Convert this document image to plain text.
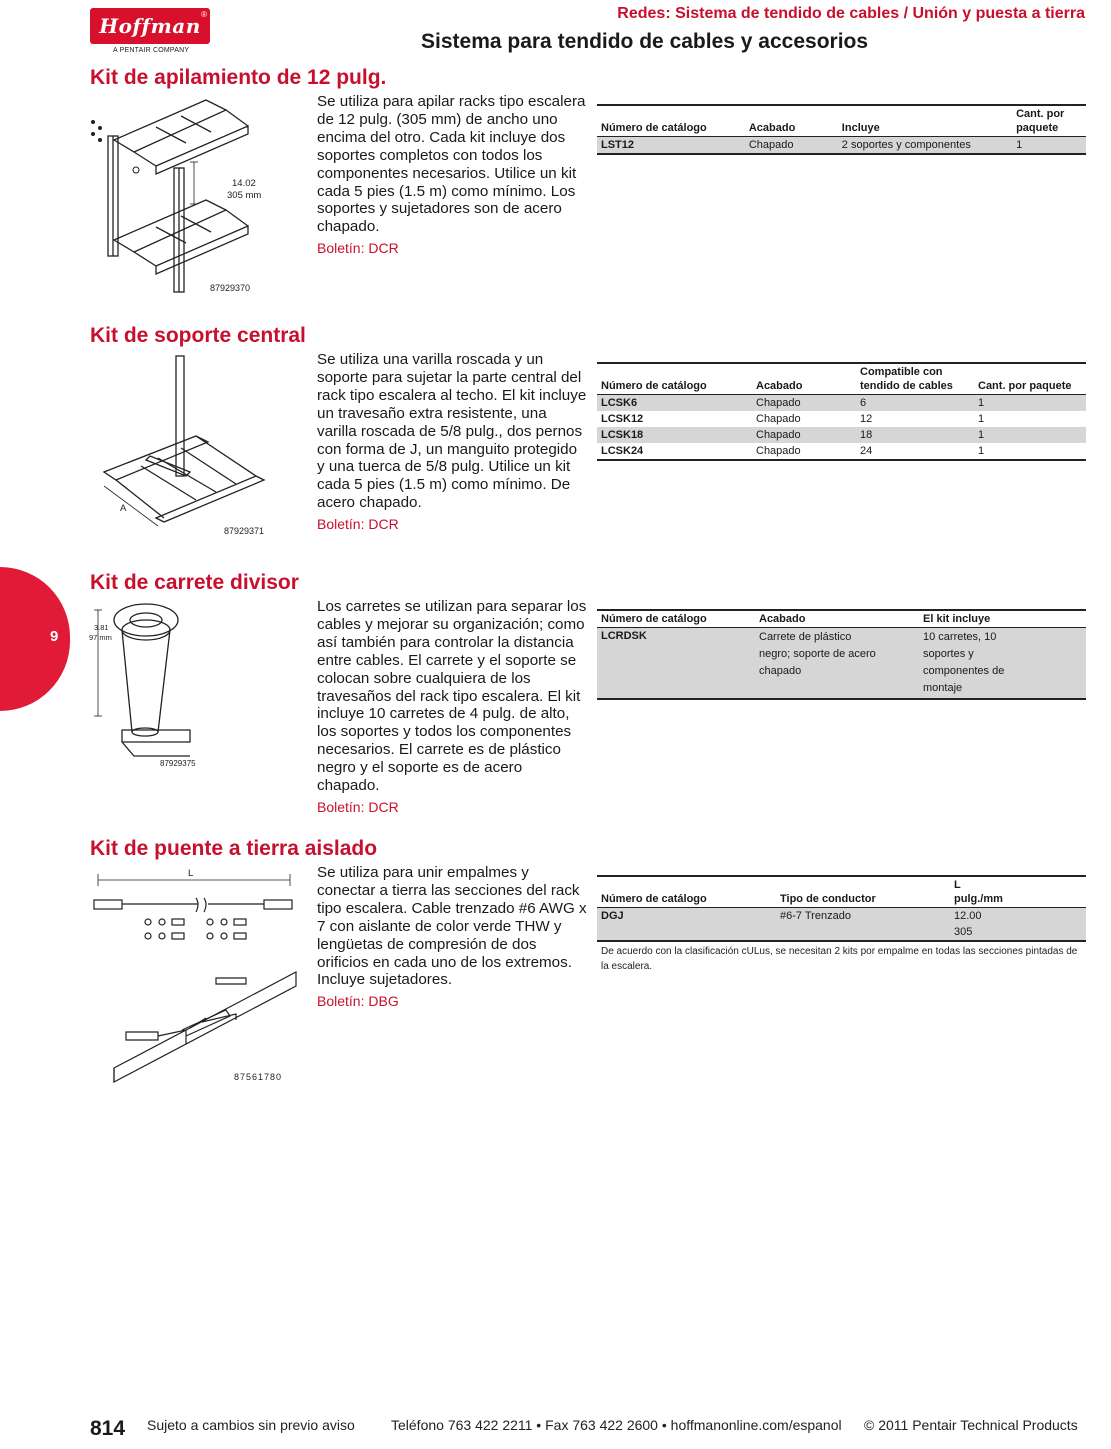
Hoffman ®
A PENTAIR COMPANY
Redes: Sistema de tendido de cables / Unión y puesta a tierra
Sistema para tendido de cables y accesorios
9
Kit de apilamiento de 12 pulg.
14.02
305 mm
87929370
Se utiliza para apilar racks tipo escalera de 12 pulg. (305 mm) de ancho uno encima del otro. Cada kit incluye dos soportes completos con todos los componentes necesarios. Utilice un kit cada 5 pies (1.5 m) como mínimo. Los soportes y sujetadores son de acero chapado.
Boletín: DCR
Número de catálogo	Acabado	Incluye	Cant. por paquete
LST12	Chapado	2 soportes y componentes	1
Kit de soporte central
A
87929371
Se utiliza una varilla roscada y un soporte para sujetar la parte central del rack tipo escalera al techo. El kit incluye un travesaño extra resistente, una varilla roscada de 5/8 pulg., dos pernos con forma de J, un manguito protegido y una tuerca de 5/8 pulg. Utilice un kit cada 5 pies (1.5 m) como mínimo. De acero chapado.
Boletín: DCR
Número de catálogo	Acabado	Compatible con tendido de cables	Cant. por paquete
LCSK6	Chapado	6	1
LCSK12	Chapado	12	1
LCSK18	Chapado	18	1
LCSK24	Chapado	24	1
Kit de carrete divisor
3.81
97 mm
87929375
Los carretes se utilizan para separar los cables y mejorar su organización; como así también para controlar la distancia entre cables. El carrete y el soporte se colocan sobre cualquiera de los travesaños del rack tipo escalera. El kit incluye 10 carretes de 4 pulg. de alto, los soportes y todos los componentes necesarios. El carrete es de plástico negro y el soporte es de acero chapado.
Boletín: DCR
Número de catálogo	Acabado	El kit incluye
LCRDSK	Carrete de plástico negro; soporte de acero chapado	10 carretes, 10 soportes y componentes de montaje
Kit de puente a tierra aislado
L
87561780
Se utiliza para unir empalmes y conectar a tierra las secciones del rack tipo escalera. Cable trenzado #6 AWG x 7 con aislante de color verde THW y lengüetas de compresión de dos orificios en cada uno de los extremos. Incluye sujetadores.
Boletín: DBG
Número de catálogo	Tipo de conductor	L pulg./mm
DGJ	#6-7 Trenzado	12.00 305
De acuerdo con la clasificación cULus, se necesitan 2 kits por empalme en todas las secciones pintadas de la escalera.
814 Sujeto a cambios sin previo aviso	Teléfono 763 422 2211 • Fax 763 422 2600 • hoffmanonline.com/espanol © 2011 Pentair Technical Products
